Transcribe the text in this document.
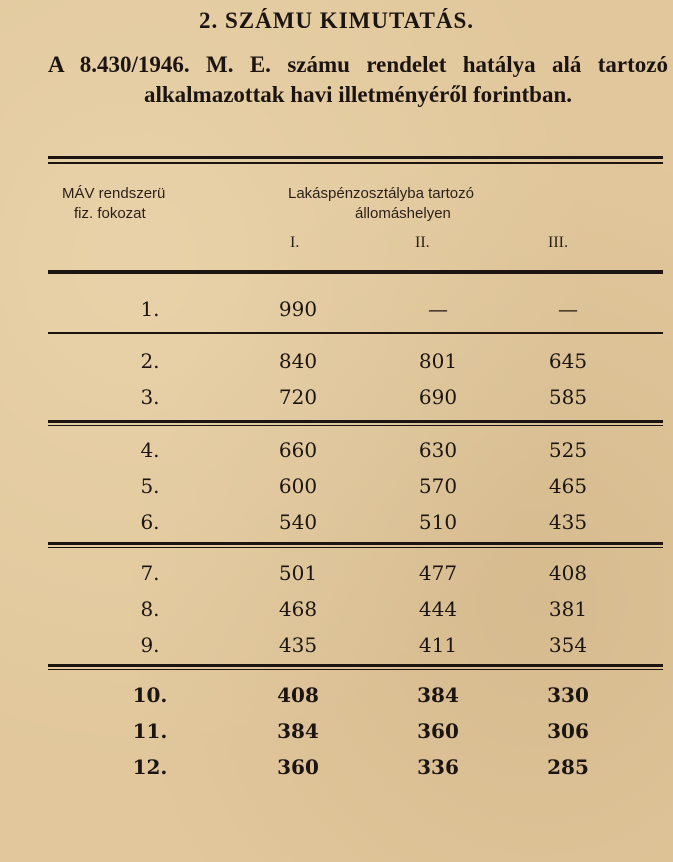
2. SZÁMU KIMUTATÁS.
A 8.430/1946. M. E. számu rendelet hatálya alá tartozó alkalmazottak havi illetményéről forintban.
MÁV rendszerü
fiz. fokozat
Lakáspénzosztályba tartozó
állomáshelyen
I.	II.	III.
1.	990	—	—
2.	840	801	645
3.	720	690	585
4.	660	630	525
5.	600	570	465
6.	540	510	435
7.	501	477	408
8.	468	444	381
9.	435	411	354
10.	408	384	330
11.	384	360	306
12.	360	336	285
